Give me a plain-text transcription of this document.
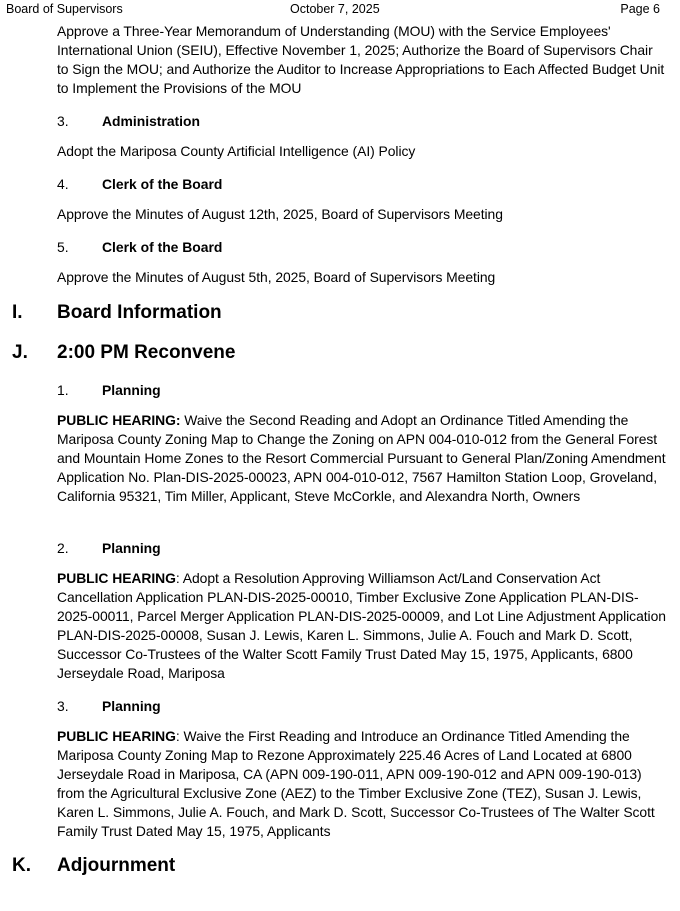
Board of Supervisors	October 7, 2025	Page 6
Approve a Three-Year Memorandum of Understanding (MOU) with the Service Employees' International Union (SEIU), Effective November 1, 2025; Authorize the Board of Supervisors Chair to Sign the MOU; and Authorize the Auditor to Increase Appropriations to Each Affected Budget Unit to Implement the Provisions of the MOU
3. Administration
Adopt the Mariposa County Artificial Intelligence (AI) Policy
4. Clerk of the Board
Approve the Minutes of August 12th, 2025, Board of Supervisors Meeting
5. Clerk of the Board
Approve the Minutes of August 5th, 2025, Board of Supervisors Meeting
I. Board Information
J. 2:00 PM Reconvene
1. Planning
PUBLIC HEARING: Waive the Second Reading and Adopt an Ordinance Titled Amending the Mariposa County Zoning Map to Change the Zoning on APN 004-010-012 from the General Forest and Mountain Home Zones to the Resort Commercial Pursuant to General Plan/Zoning Amendment Application No. Plan-DIS-2025-00023, APN 004-010-012, 7567 Hamilton Station Loop, Groveland, California 95321, Tim Miller, Applicant, Steve McCorkle, and Alexandra North, Owners
2. Planning
PUBLIC HEARING: Adopt a Resolution Approving Williamson Act/Land Conservation Act Cancellation Application PLAN-DIS-2025-00010, Timber Exclusive Zone Application PLAN-DIS-2025-00011, Parcel Merger Application PLAN-DIS-2025-00009, and Lot Line Adjustment Application PLAN-DIS-2025-00008, Susan J. Lewis, Karen L. Simmons, Julie A. Fouch and Mark D. Scott, Successor Co-Trustees of the Walter Scott Family Trust Dated May 15, 1975, Applicants, 6800 Jerseydale Road, Mariposa
3. Planning
PUBLIC HEARING: Waive the First Reading and Introduce an Ordinance Titled Amending the Mariposa County Zoning Map to Rezone Approximately 225.46 Acres of Land Located at 6800 Jerseydale Road in Mariposa, CA (APN 009-190-011, APN 009-190-012 and APN 009-190-013) from the Agricultural Exclusive Zone (AEZ) to the Timber Exclusive Zone (TEZ), Susan J. Lewis, Karen L. Simmons, Julie A. Fouch, and Mark D. Scott, Successor Co-Trustees of The Walter Scott Family Trust Dated May 15, 1975, Applicants
K. Adjournment
